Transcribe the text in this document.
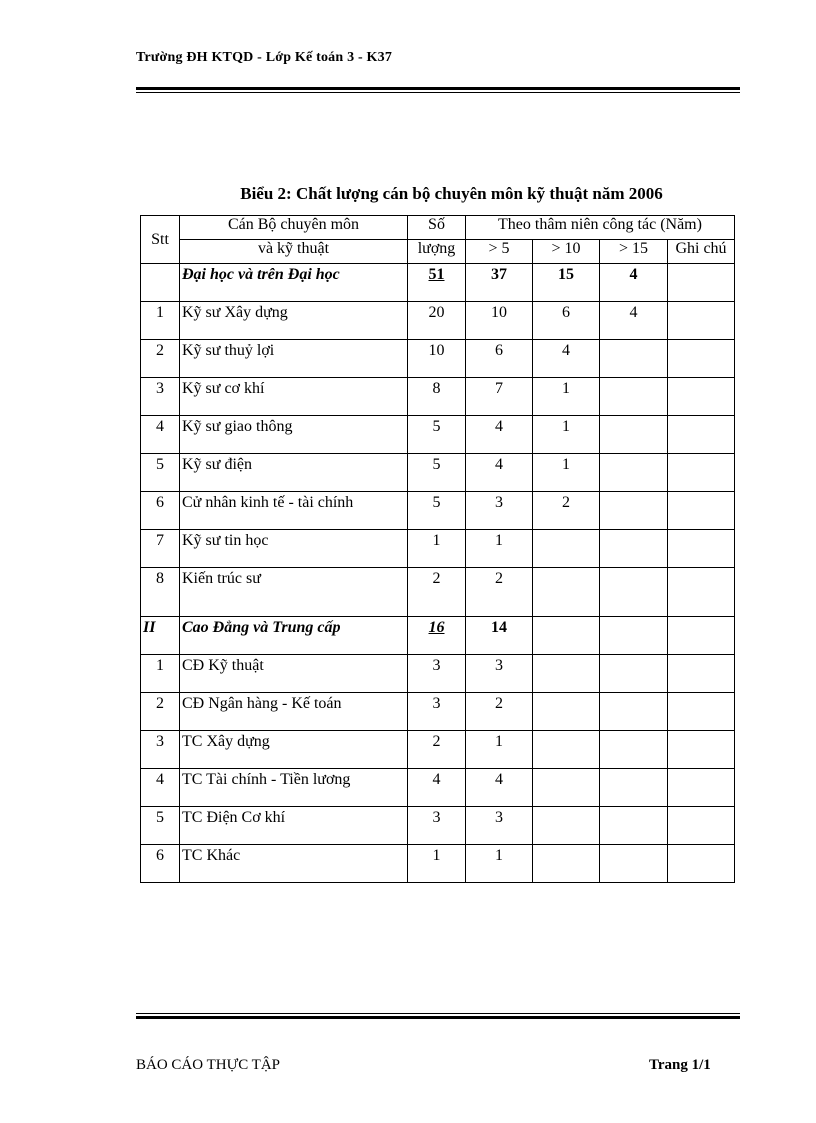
Trường ĐH KTQD - Lớp Kế toán 3 - K37
Biểu 2: Chất lượng cán bộ chuyên môn kỹ thuật năm 2006
Stt	Cán Bộ chuyên môn	Số	Theo thâm niên công tác (Năm)			
	và kỹ thuật	lượng	> 5	> 10	> 15	Ghi chú
	Đại học và trên Đại học	51	37	15	4	
1	Kỹ sư Xây dựng	20	10	6	4	
2	Kỹ sư thuỷ lợi	10	6	4		
3	Kỹ sư cơ khí	8	7	1		
4	Kỹ sư giao thông	5	4	1		
5	Kỹ sư điện	5	4	1		
6	Cử nhân kinh tế - tài chính	5	3	2		
7	Kỹ sư tin học	1	1			
8	Kiến trúc sư	2	2			
II	Cao Đẳng và Trung cấp	16	14			
1	CĐ Kỹ thuật	3	3			
2	CĐ Ngân hàng - Kế toán	3	2			
3	TC Xây dựng	2	1			
4	TC Tài chính - Tiền lương	4	4			
5	TC Điện Cơ khí	3	3			
6	TC Khác	1	1			
BÁO CÁO THỰC TẬP	Trang 1/1
